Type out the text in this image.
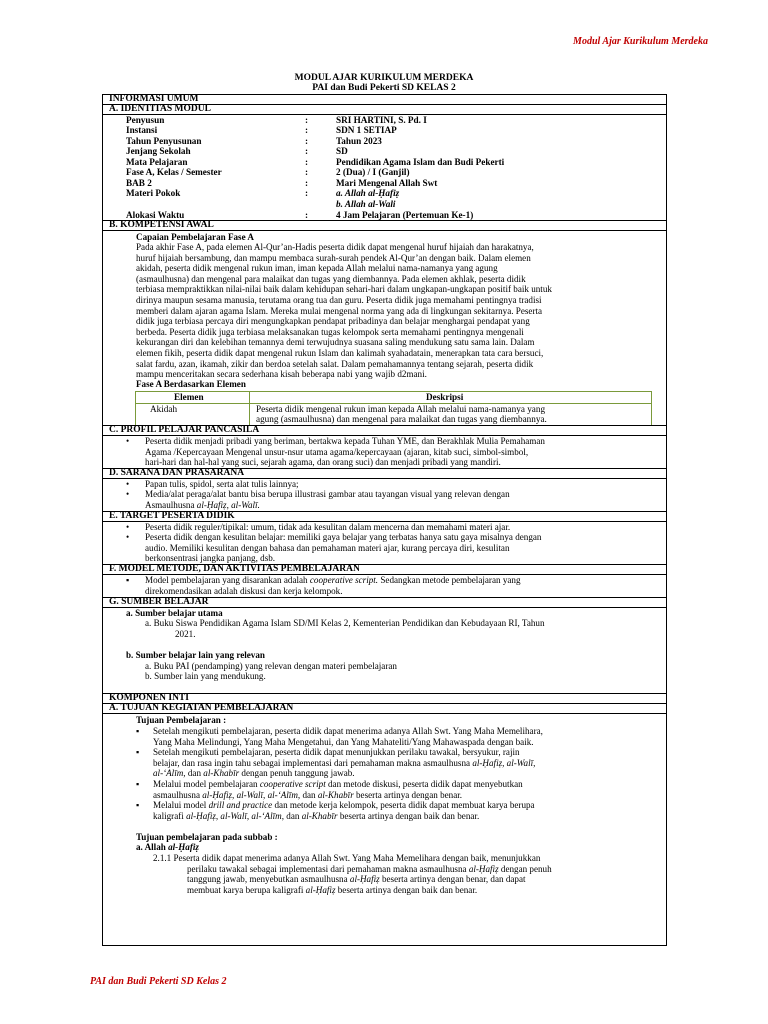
Modul Ajar Kurikulum Merdeka
MODUL AJAR KURIKULUM MERDEKA
PAI dan Budi Pekerti SD KELAS 2
INFORMASI UMUM
A. IDENTITAS MODUL
Penyusun	:	SRI HARTINI, S. Pd. I
Instansi	:	SDN 1 SETIAP
Tahun Penyusunan	:	Tahun 2023
Jenjang Sekolah	:	SD
Mata Pelajaran	:	Pendidikan Agama Islam dan Budi Pekerti
Fase A, Kelas / Semester	:	2 (Dua) / I (Ganjil)
BAB 2	:	Mari Mengenal Allah Swt
Materi Pokok	:	a. Allah al-Ḥafiẓ
b. Allah al-Wali
Alokasi Waktu	:	4 Jam Pelajaran (Pertemuan Ke-1)
B. KOMPETENSI AWAL
Capaian Pembelajaran Fase A
Pada akhir Fase A, pada elemen Al-Qur’an-Hadis peserta didik dapat mengenal huruf hijaiah dan harakatnya,
huruf hijaiah bersambung, dan mampu membaca surah-surah pendek Al-Qur’an dengan baik. Dalam elemen
akidah, peserta didik mengenal rukun iman, iman kepada Allah melalui nama-namanya yang agung
(asmaulhusna) dan mengenal para malaikat dan tugas yang diembannya. Pada elemen akhlak, peserta didik
terbiasa mempraktikkan nilai-nilai baik dalam kehidupan sehari-hari dalam ungkapan-ungkapan positif baik untuk
dirinya maupun sesama manusia, terutama orang tua dan guru. Peserta didik juga memahami pentingnya tradisi
memberi dalam ajaran agama Islam. Mereka mulai mengenal norma yang ada di lingkungan sekitarnya. Peserta
didik juga terbiasa percaya diri mengungkapkan pendapat pribadinya dan belajar menghargai pendapat yang
berbeda. Peserta didik juga terbiasa melaksanakan tugas kelompok serta memahami pentingnya mengenali
kekurangan diri dan kelebihan temannya demi terwujudnya suasana saling mendukung satu sama lain. Dalam
elemen fikih, peserta didik dapat mengenal rukun Islam dan kalimah syahadatain, menerapkan tata cara bersuci,
salat fardu, azan, ikamah, zikir dan berdoa setelah salat. Dalam pemahamannya tentang sejarah, peserta didik
mampu menceritakan secara sederhana kisah beberapa nabi yang wajib d2mani.
Fase A Berdasarkan Elemen
Elemen	Deskripsi
Akidah	Peserta didik mengenal rukun iman kepada Allah melalui nama-namanya yang
agung (asmaulhusna) dan mengenal para malaikat dan tugas yang diembannya.
C. PROFIL PELAJAR PANCASILA
• Peserta didik menjadi pribadi yang beriman, bertakwa kepada Tuhan YME, dan Berakhlak Mulia Pemahaman
Agama /Kepercayaan Mengenal unsur-nsur utama agama/kepercayaan (ajaran, kitab suci, simbol-simbol,
hari-hari dan hal-hal yang suci, sejarah agama, dan orang suci) dan menjadi pribadi yang mandiri.
D. SARANA DAN PRASARANA
• Papan tulis, spidol, serta alat tulis lainnya;
• Media/alat peraga/alat bantu bisa berupa illustrasi gambar atau tayangan visual yang relevan dengan
Asmaulhusna al-Ḥafiẓ, al-Walī.
E. TARGET PESERTA DIDIK
• Peserta didik reguler/tipikal: umum, tidak ada kesulitan dalam mencerna dan memahami materi ajar.
• Peserta didik dengan kesulitan belajar: memiliki gaya belajar yang terbatas hanya satu gaya misalnya dengan
audio. Memiliki kesulitan dengan bahasa dan pemahaman materi ajar, kurang percaya diri, kesulitan
berkonsentrasi jangka panjang, dsb.
F. MODEL METODE, DAN AKTIVITAS PEMBELAJARAN
▪ Model pembelajaran yang disarankan adalah cooperative script. Sedangkan metode pembelajaran yang
direkomendasikan adalah diskusi dan kerja kelompok.
G. SUMBER BELAJAR
a. Sumber belajar utama
a. Buku Siswa Pendidikan Agama Islam SD/MI Kelas 2, Kementerian Pendidikan dan Kebudayaan RI, Tahun
2021.
b. Sumber belajar lain yang relevan
a. Buku PAI (pendamping) yang relevan dengan materi pembelajaran
b. Sumber lain yang mendukung.
KOMPONEN INTI
A. TUJUAN KEGIATAN PEMBELAJARAN
Tujuan Pembelajaran :
▪ Setelah mengikuti pembelajaran, peserta didik dapat menerima adanya Allah Swt. Yang Maha Memelihara,
Yang Maha Melindungi, Yang Maha Mengetahui, dan Yang Mahateliti/Yang Mahawaspada dengan baik.
▪ Setelah mengikuti pembelajaran, peserta didik dapat menunjukkan perilaku tawakal, bersyukur, rajin
belajar, dan rasa ingin tahu sebagai implementasi dari pemahaman makna asmaulhusna al-Ḥafiẓ, al-Walī,
al-‘Alīm, dan al-Khabīr dengan penuh tanggung jawab.
▪ Melalui model pembelajaran cooperative script dan metode diskusi, peserta didik dapat menyebutkan
asmaulhusna al-Ḥafiẓ, al-Walī, al-‘Alīm, dan al-Khabīr beserta artinya dengan benar.
▪ Melalui model drill and practice dan metode kerja kelompok, peserta didik dapat membuat karya berupa
kaligrafi al-Ḥafiẓ, al-Walī, al-‘Alīm, dan al-Khabīr beserta artinya dengan baik dan benar.
Tujuan pembelajaran pada subbab :
a. Allah al-Ḥafiẓ
2.1.1 Peserta didik dapat menerima adanya Allah Swt. Yang Maha Memelihara dengan baik, menunjukkan
perilaku tawakal sebagai implementasi dari pemahaman makna asmaulhusna al-Ḥafiẓ dengan penuh
tanggung jawab, menyebutkan asmaulhusna al-Ḥafiẓ beserta artinya dengan benar, dan dapat
membuat karya berupa kaligrafi al-Ḥafiẓ beserta artinya dengan baik dan benar.
PAI dan Budi Pekerti SD Kelas 2
